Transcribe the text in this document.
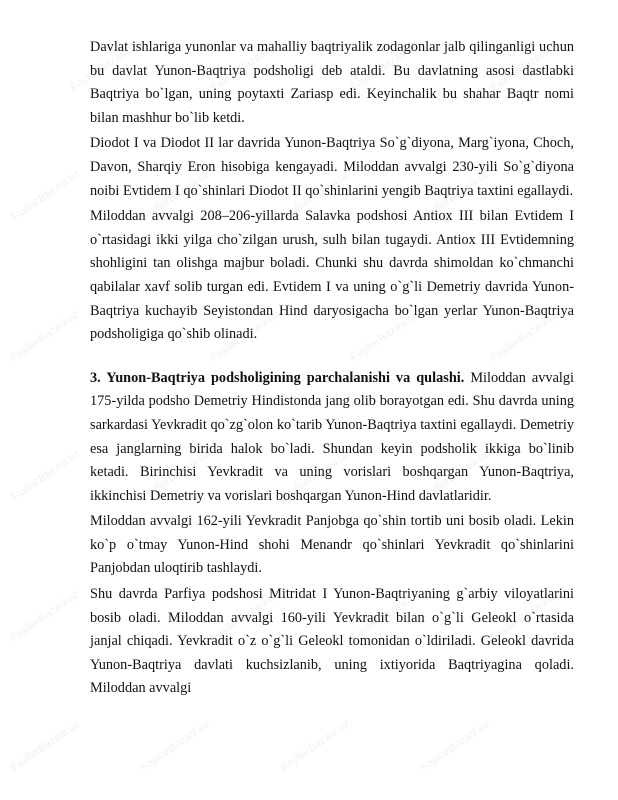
Davlat ishlariga yunonlar va mahalliy baqtriyalik zodagonlar jalb qilinganligi uchun bu davlat Yunon-Baqtriya podsholigi deb ataldi. Bu davlatning asosi dastlabki Baqtriya bo`lgan, uning poytaxti Zariasp edi. Keyinchalik bu shahar Baqtr nomi bilan mashhur bo`lib ketdi.

Diodot I va Diodot II lar davrida Yunon-Baqtriya So`g`diyona, Marg`iyona, Choch, Davon, Sharqiy Eron hisobiga kengayadi. Miloddan avvalgi 230-yili So`g`diyona noibi Evtidem I qo`shinlari Diodot II qo`shinlarini yengib Baqtriya taxtini egallaydi.

Miloddan avvalgi 208–206-yillarda Salavka podshosi Antiox III bilan Evtidem I o`rtasidagi ikki yilga cho`zilgan urush, sulh bilan tugaydi. Antiox III Evtidemning shohligini tan olishga majbur boladi. Chunki shu davrda shimoldan ko`chmanchi qabilalar xavf solib turgan edi. Evtidem I va uning o`g`li Demetriy davrida Yunon-Baqtriya kuchayib Seyistondan Hind daryosigacha bo`lgan yerlar Yunon-Baqtriya podsholigiga qo`shib olinadi.

3. Yunon-Baqtriya podsholigining parchalanishi va qulashi. Miloddan avvalgi 175-yilda podsho Demetriy Hindistonda jang olib borayotgan edi. Shu davrda uning sarkardasi Yevkradit qo`zg`olon ko`tarib Yunon-Baqtriya taxtini egallaydi. Demetriy esa janglarning birida halok bo`ladi. Shundan keyin podsholik ikkiga bo`linib ketadi. Birinchisi Yevkradit va uning vorislari boshqargan Yunon-Baqtriya, ikkinchisi Demetriy va vorislari boshqargan Yunon-Hind davlatlaridir.

Miloddan avvalgi 162-yili Yevkradit Panjobga qo`shin tortib uni bosib oladi. Lekin ko`p o`tmay Yunon-Hind shohi Menandr qo`shinlari Yevkradit qo`shinlarini Panjobdan uloqtirib tashlaydi.

Shu davrda Parfiya podshosi Mitridat I Yunon-Baqtriyaning g`arbiy viloyatlarini bosib oladi. Miloddan avvalgi 160-yili Yevkradit bilan o`g`li Geleokl o`rtasida janjal chiqadi. Yevkradit o`z o`g`li Geleokl tomonidan o`ldiriladi. Geleokl davrida Yunon-Baqtriya davlati kuchsizlanib, uning ixtiyorida Baqtriyagina qoladi. Miloddan avvalgi

FayllarBazasi.uz	FayllarBazasi.uz	FayllarBazasi.uz	FayllarBazasi.uz
FayllarBazasi.uz	FayllarBazasi.uz	FayllarBazasi.uz	FayllarBazasi.uz
FayllarBazasi.uz	FayllarBazasi.uz	FayllarBazasi.uz	FayllarBazasi.uz
FayllarBazasi.uz	FayllarBazasi.uz	FayllarBazasi.uz	FayllarBazasi.uz
FayllarBazasi.uz	FayllarBazasi.uz	FayllarBazasi.uz	FayllarBazasi.uz
FayllarBazasi.uz	FayllarBazasi.uz	FayllarBazasi.uz	FayllarBazasi.uz
